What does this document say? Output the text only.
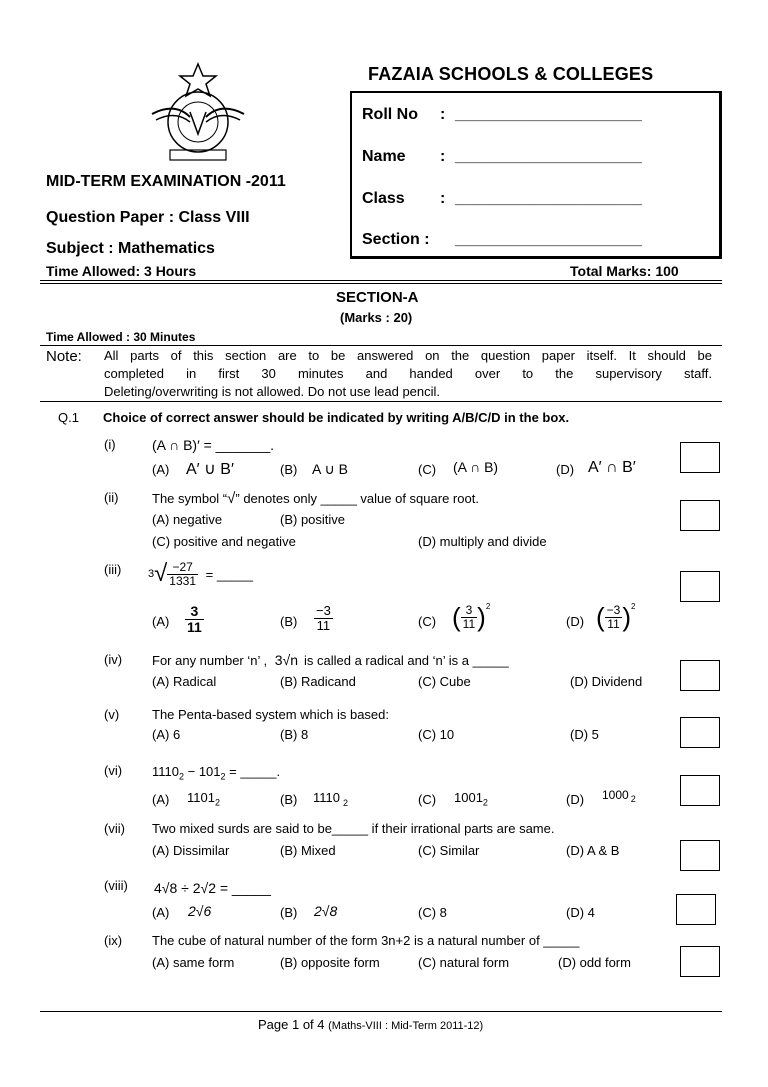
FAZAIA SCHOOLS & COLLEGES
Roll No : _____________________
Name : _____________________
Class : _____________________
Section : _____________________
MID-TERM EXAMINATION -2011
Question Paper : Class VIII
Subject : Mathematics
Time Allowed: 3 Hours	Total Marks: 100
SECTION-A
(Marks : 20)
Time Allowed : 30 Minutes
Note: All parts of this section are to be answered on the question paper itself. It should be
completed in first 30 minutes and handed over to the supervisory staff.
Deleting/overwriting is not allowed. Do not use lead pencil.
Q.1 Choice of correct answer should be indicated by writing A/B/C/D in the box.
(i)	(A ∩ B)′ = _______.
(A) A′ ∪ B′	(B) A ∪ B	(C) (A ∩ B)	(D) A′ ∩ B′
(ii)	The symbol “√” denotes only _____ value of square root.
(A) negative	(B) positive
(C) positive and negative	(D) multiply and divide
(iii) $3√ \frac{-27}{1331}$ = _____
$(A) \frac{3}{11}$	$(B) \frac{-3}{11}$	(C) ( $\frac{3}{11} )^2$
(D) ( $\frac{-3}{11} )^2$
(iv) For any number ‘n’ , 3√n is called a radical and ‘n’ is a _____
(A) Radical	(B) Radicand	(C) Cube	(D) Dividend
(v)	The Penta-based system which is based:
(A) 6	(B) 8	(C) 10	(D) 5
(vi) $1110_2 - 101_2$ = _____.
(A) $1101_2$	(B) 1110 $_2$	(C) $1001_2$	(D) 1000 $_2$
(vii) Two mixed surds are said to be_____ if their irrational parts are same.
(A) Dissimilar	(B) Mixed	(C) Similar	(D) A & B
(viii) 4√8 ÷ 2√2 = _____
(A) 2√6	(B) 2√8	(C) 8	(D) 4
(ix) The cube of natural number of the form 3n+2 is a natural number of _____
(A) same form	(B) opposite form	(C) natural form	(D) odd form
Page 1 of 4 (Maths-VIII : Mid-Term 2011-12)
